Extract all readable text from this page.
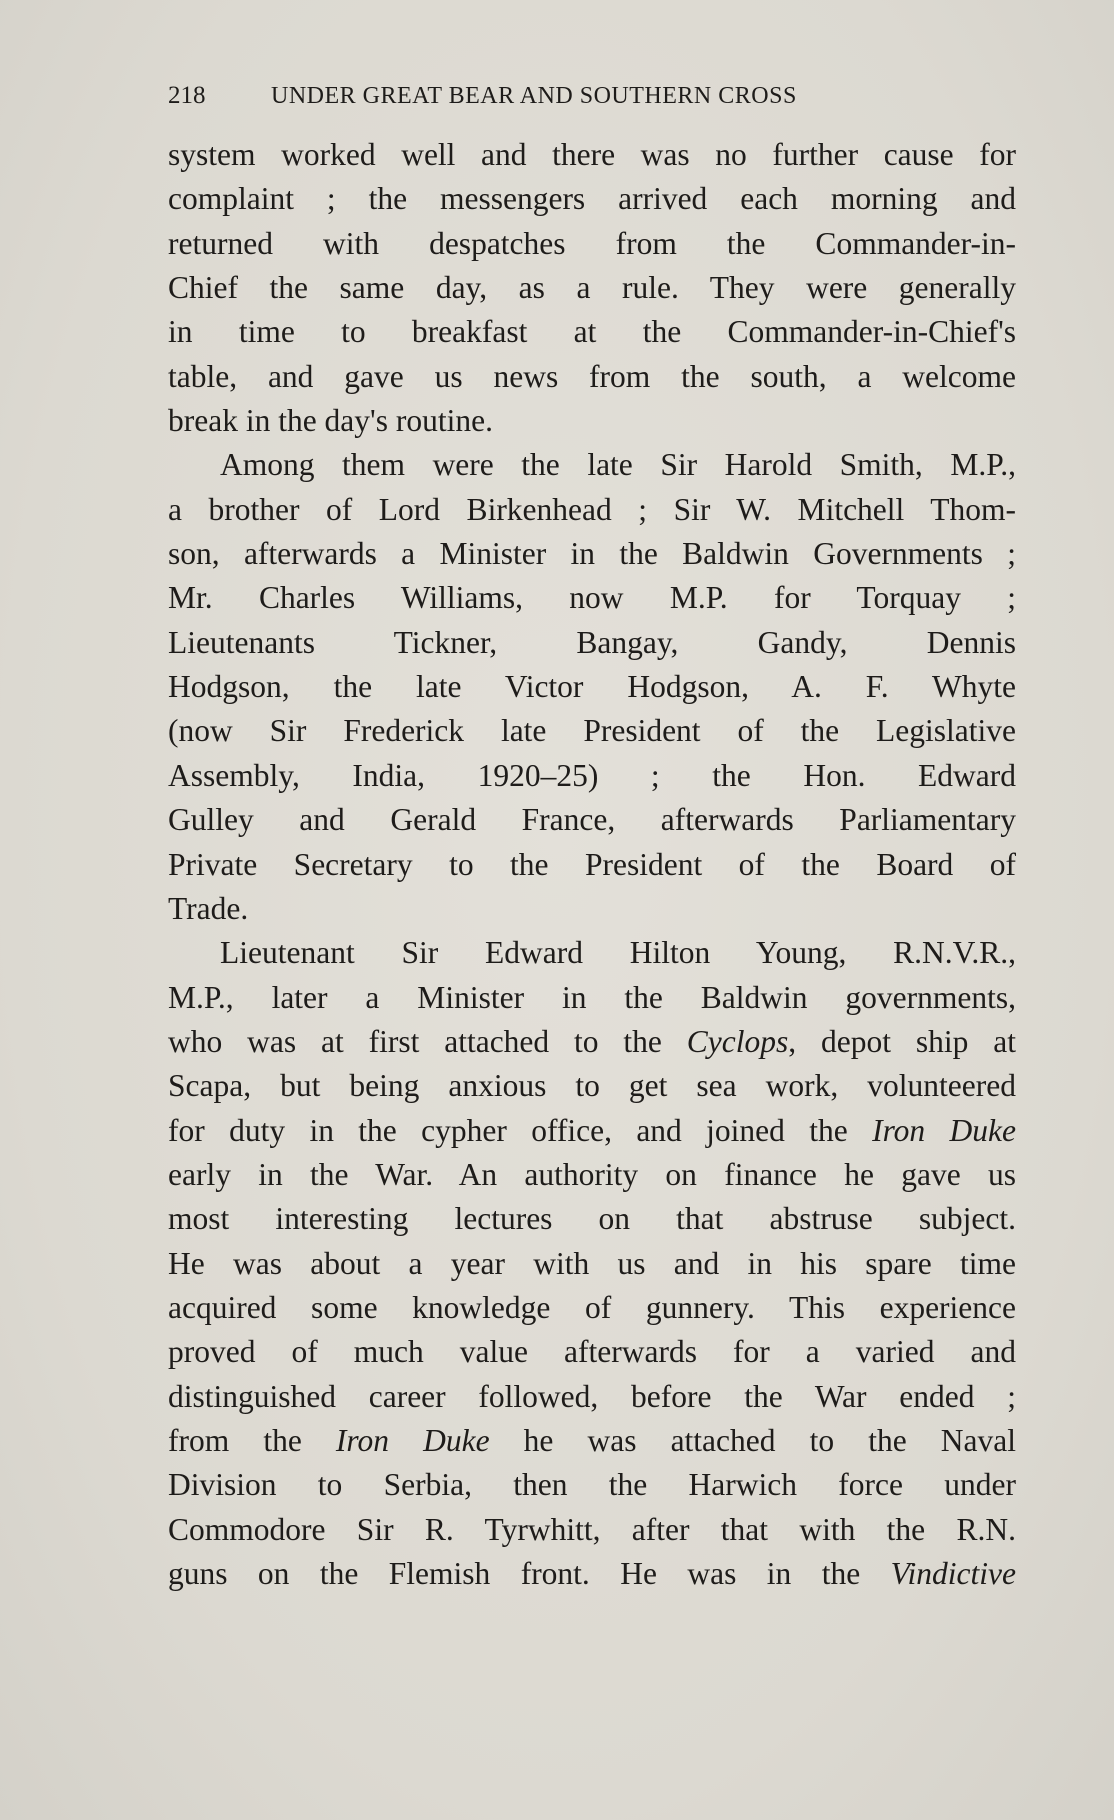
218	UNDER GREAT BEAR AND SOUTHERN CROSS
system worked well and there was no further cause for
complaint ; the messengers arrived each morning and
returned with despatches from the Commander-in-
Chief the same day, as a rule. They were generally
in time to breakfast at the Commander-in-Chief's
table, and gave us news from the south, a welcome
break in the day's routine.
Among them were the late Sir Harold Smith, M.P.,
a brother of Lord Birkenhead ; Sir W. Mitchell Thom-
son, afterwards a Minister in the Baldwin Governments ;
Mr. Charles Williams, now M.P. for Torquay ;
Lieutenants Tickner, Bangay, Gandy, Dennis
Hodgson, the late Victor Hodgson, A. F. Whyte
(now Sir Frederick late President of the Legislative
Assembly, India, 1920–25) ; the Hon. Edward
Gulley and Gerald France, afterwards Parliamentary
Private Secretary to the President of the Board of
Trade.
Lieutenant Sir Edward Hilton Young, R.N.V.R.,
M.P., later a Minister in the Baldwin governments,
who was at first attached to the Cyclops, depot ship at
Scapa, but being anxious to get sea work, volunteered
for duty in the cypher office, and joined the Iron Duke
early in the War. An authority on finance he gave us
most interesting lectures on that abstruse subject.
He was about a year with us and in his spare time
acquired some knowledge of gunnery. This experience
proved of much value afterwards for a varied and
distinguished career followed, before the War ended ;
from the Iron Duke he was attached to the Naval
Division to Serbia, then the Harwich force under
Commodore Sir R. Tyrwhitt, after that with the R.N.
guns on the Flemish front. He was in the Vindictive
